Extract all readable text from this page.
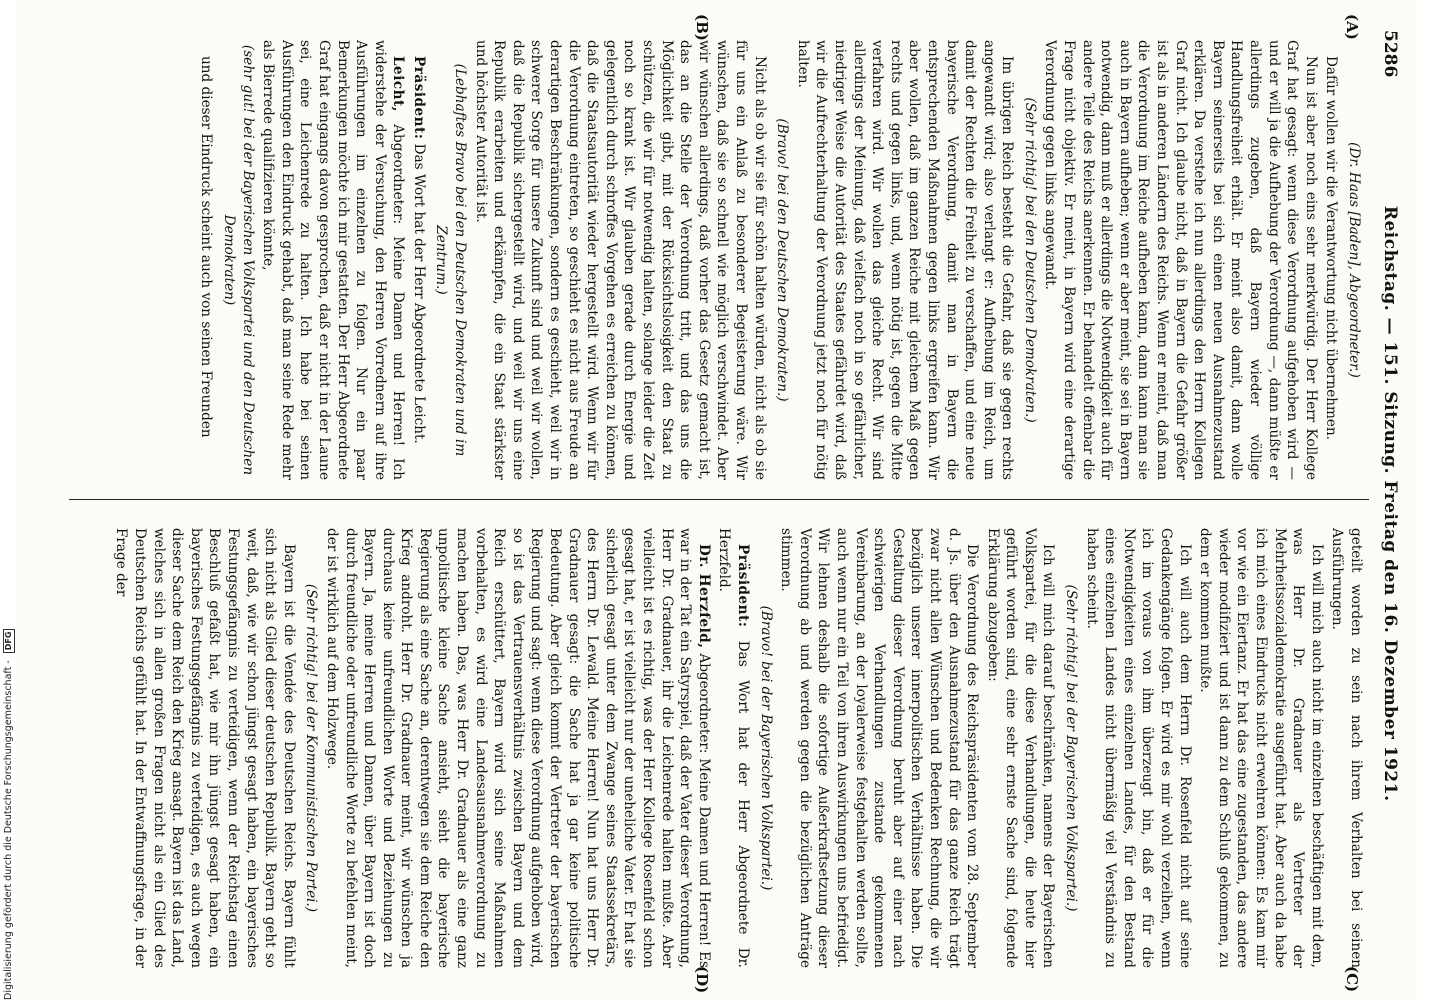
5286
Reichstag. — 151. Sitzung. Freitag den 16. Dezember 1921.
(A)
(B)
(C)
(D)

(Dr. Haas [Baden], Abgeordneter.)

Dafür wollen wir die Verantwortung nicht übernehmen.

Nun ist aber noch eins sehr merkwürdig. Der Herr Kollege Graf hat gesagt: wenn diese Verordnung aufgehoben wird — und er will ja die Aufhebung der Verordnung —, dann müßte er allerdings zugeben, daß Bayern wieder völlige Handlungsfreiheit erhält. Er meint also damit, dann wolle Bayern seinerseits bei sich einen neuen Ausnahmezustand erklären. Da verstehe ich nun allerdings den Herrn Kollegen Graf nicht. Ich glaube nicht, daß in Bayern die Gefahr größer ist als in anderen Ländern des Reichs. Wenn er meint, daß man die Verordnung im Reiche aufheben kann, dann kann man sie auch in Bayern aufheben; wenn er aber meint, sie sei in Bayern notwendig, dann muß er allerdings die Notwendigkeit auch für andere Teile des Reichs anerkennen. Er behandelt offenbar die Frage nicht objektiv. Er meint, in Bayern wird eine derartige Verordnung gegen links angewandt.

(Sehr richtig! bei den Deutschen Demokraten.)

Im übrigen Reich besteht die Gefahr, daß sie gegen rechts angewandt wird; also verlangt er: Aufhebung im Reich, um damit der Rechten die Freiheit zu verschaffen, und eine neue bayerische Verordnung, damit man in Bayern die entsprechenden Maßnahmen gegen links ergreifen kann. Wir aber wollen, daß im ganzen Reiche mit gleichem Maß gegen rechts und gegen links, und, wenn nötig ist, gegen die Mitte verfahren wird. Wir wollen das gleiche Recht. Wir sind allerdings der Meinung, daß vielfach noch in so gefährlicher, niedriger Weise die Autorität des Staates gefährdet wird, daß wir die Aufrechterhaltung der Verordnung jetzt noch für nötig halten.

(Bravo! bei den Deutschen Demokraten.)

Nicht als ob wir sie für schön halten würden, nicht als ob sie für uns ein Anlaß zu besonderer Begeisterung wäre. Wir wünschen, daß sie so schnell wie möglich verschwindet. Aber wir wünschen allerdings, daß vorher das Gesetz gemacht ist, das an die Stelle der Verordnung tritt, und das uns die Möglichkeit gibt, mit der Rücksichtslosigkeit den Staat zu schützen, die wir für notwendig halten, solange leider die Zeit noch so krank ist. Wir glauben gerade durch Energie und gelegentlich durch schroffes Vorgehen es erreichen zu können, daß die Staatsautorität wieder hergestellt wird. Wenn wir für die Verordnung eintreten, so geschieht es nicht aus Freude an derartigen Beschränkungen, sondern es geschieht, weil wir in schwerer Sorge für unsere Zukunft sind und weil wir wollen, daß die Republik sichergestellt wird, und weil wir uns eine Republik erarbeiten und erkämpfen, die ein Staat stärkster und höchster Autorität ist.

(Lebhaftes Bravo bei den Deutschen Demokraten und im Zentrum.)

Präsident: Das Wort hat der Herr Abgeordnete Leicht.

Leicht, Abgeordneter: Meine Damen und Herren! Ich widerstehe der Versuchung, den Herren Vorrednern auf ihre Ausführungen im einzelnen zu folgen. Nur ein paar Bemerkungen möchte ich mir gestatten. Der Herr Abgeordnete Graf hat eingangs davon gesprochen, daß er nicht in der Laune sei, eine Leichenrede zu halten. Ich habe bei seinen Ausführungen den Eindruck gehabt, daß man seine Rede mehr als Bierrede qualifizieren könnte,

(sehr gut! bei der Bayerischen Volkspartei und den Deutschen Demokraten)

und dieser Eindruck scheint auch von seinen Freunden

geteilt worden zu sein nach ihrem Verhalten bei seinen Ausführungen.

Ich will mich auch nicht im einzelnen beschäftigen mit dem, was Herr Dr. Gradnauer als Vertreter der Mehrheitssozialdemokratie ausgeführt hat. Aber auch da habe ich mich eines Eindrucks nicht erwehren können: Es kam mir vor wie ein Eiertanz. Er hat das eine zugestanden, das andere wieder modifiziert und ist dann zu dem Schluß gekommen, zu dem er kommen mußte.

Ich will auch dem Herrn Dr. Rosenfeld nicht auf seine Gedankengänge folgen. Er wird es mir wohl verzeihen, wenn ich im voraus von ihm überzeugt bin, daß er für die Notwendigkeiten eines einzelnen Landes, für den Bestand eines einzelnen Landes nicht übermäßig viel Verständnis zu haben scheint.

(Sehr richtig! bei der Bayerischen Volkspartei.)

Ich will mich darauf beschränken, namens der Bayerischen Volkspartei, für die diese Verhandlungen, die heute hier geführt worden sind, eine sehr ernste Sache sind, folgende Erklärung abzugeben:

Die Verordnung des Reichspräsidenten vom 28. September d. Js. über den Ausnahmezustand für das ganze Reich trägt zwar nicht allen Wünschen und Bedenken Rechnung, die wir bezüglich unserer innerpolitischen Verhältnisse haben. Die Gestaltung dieser Verordnung beruht aber auf einer nach schwierigen Verhandlungen zustande gekommenen Vereinbarung, an der loyalerweise festgehalten werden sollte, auch wenn nur ein Teil von ihren Auswirkungen uns befriedigt. Wir lehnen deshalb die sofortige Außerkraftsetzung dieser Verordnung ab und werden gegen die bezüglichen Anträge stimmen.

(Bravo! bei der Bayerischen Volkspartei.)

Präsident: Das Wort hat der Herr Abgeordnete Dr. Herzfeld.

Dr. Herzfeld, Abgeordneter: Meine Damen und Herren! Es war in der Tat ein Satyrspiel, daß der Vater dieser Verordnung, Herr Dr. Gradnauer, ihr die Leichenrede halten mußte. Aber vielleicht ist es richtig, was der Herr Kollege Rosenfeld schon gesagt hat, er ist vielleicht nur der uneheliche Vater. Er hat sie sicherlich gesagt unter dem Zwange seines Staatssekretärs, des Herrn Dr. Lewald. Meine Herren! Nun hat uns Herr Dr. Gradnauer gesagt: die Sache hat ja gar keine politische Bedeutung. Aber gleich kommt der Vertreter der bayerischen Regierung und sagt: wenn diese Verordnung aufgehoben wird, so ist das Vertrauensverhältnis zwischen Bayern und dem Reich erschüttert, Bayern wird sich seine Maßnahmen vorbehalten, es wird eine Landesausnahmeverordnung zu machen haben. Das, was Herr Dr. Gradnauer als eine ganz unpolitische kleine Sache ansieht, sieht die bayerische Regierung als eine Sache an, derentwegen sie dem Reiche den Krieg androht. Herr Dr. Gradnauer meint, wir wünschen ja durchaus keine unfreundlichen Worte und Beziehungen zu Bayern. Ja, meine Herren und Damen, über Bayern ist doch durch freundliche oder unfreundliche Worte zu befehlen meint, der ist wirklich auf dem Holzwege.

(Sehr richtig! bei der Kommunistischen Partei.)

Bayern ist die Vendée des Deutschen Reichs. Bayern fühlt sich nicht als Glied dieser deutschen Republik. Bayern geht so weit, daß, wie wir schon jüngst gesagt haben, ein bayerisches Festungsgefängnis zu verteidigen, wenn der Reichstag einen Beschluß gefaßt hat, wie mir ihn jüngst gesagt haben, ein bayerisches Festungsgefängnis zu verteidigen, es auch wegen dieser Sache dem Reich den Krieg ansagt. Bayern ist das Land, welches sich in allen großen Fragen nicht als ein Glied des Deutschen Reichs gefühlt hat. In der Entwaffnungsfrage, in der Frage der

Digitalisierung gefördert durch die Deutsche Forschungsgemeinschaft - DFG
